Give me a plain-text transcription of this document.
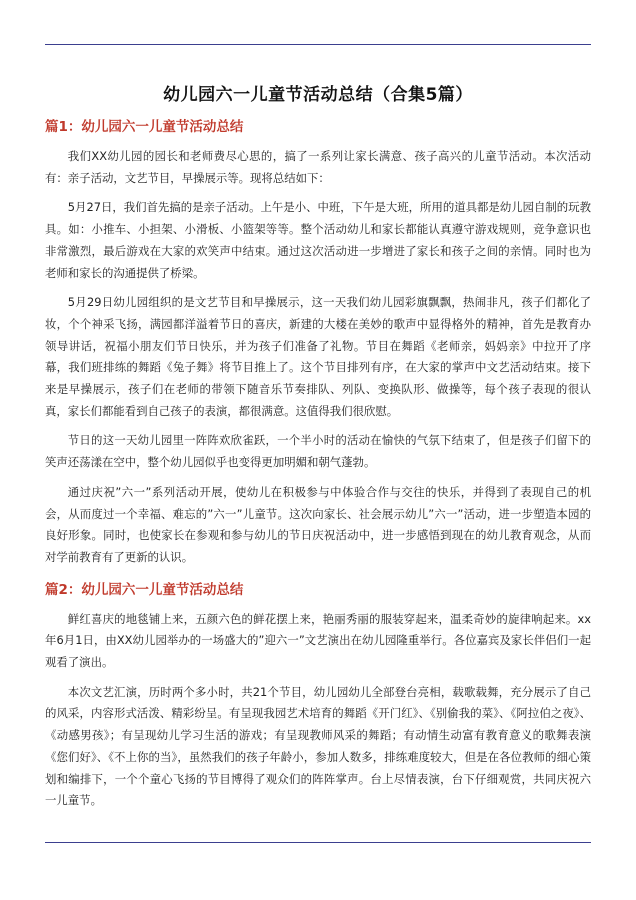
幼儿园六一儿童节活动总结（合集5篇）
篇1：幼儿园六一儿童节活动总结

我们XX幼儿园的园长和老师费尽心思的，搞了一系列让家长满意、孩子高兴的儿童节活动。本次活动有：亲子活动，文艺节目，早操展示等。现将总结如下：

5月27日，我们首先搞的是亲子活动。上午是小、中班，下午是大班，所用的道具都是幼儿园自制的玩教具。如：小推车、小担架、小滑板、小篮架等等。整个活动幼儿和家长都能认真遵守游戏规则，竞争意识也非常激烈，最后游戏在大家的欢笑声中结束。通过这次活动进一步增进了家长和孩子之间的亲情。同时也为老师和家长的沟通提供了桥梁。

5月29日幼儿园组织的是文艺节目和早操展示，这一天我们幼儿园彩旗飘飘，热闹非凡，孩子们都化了妆，个个神采飞扬，满园都洋溢着节日的喜庆，新建的大楼在美妙的歌声中显得格外的精神，首先是教育办领导讲话，祝福小朋友们节日快乐，并为孩子们准备了礼物。节目在舞蹈《老师亲，妈妈亲》中拉开了序幕，我们班排练的舞蹈《兔子舞》将节目推上了。这个节目排列有序，在大家的掌声中文艺活动结束。接下来是早操展示，孩子们在老师的带领下随音乐节奏排队、列队、变换队形、做操等，每个孩子表现的很认真，家长们都能看到自己孩子的表演，都很满意。这值得我们很欣慰。

节日的这一天幼儿园里一阵阵欢欣雀跃，一个半小时的活动在愉快的气氛下结束了，但是孩子们留下的笑声还荡漾在空中，整个幼儿园似乎也变得更加明媚和朝气蓬勃。

通过庆祝”六一”系列活动开展，使幼儿在积极参与中体验合作与交往的快乐，并得到了表现自己的机会，从而度过一个幸福、难忘的”六一”儿童节。这次向家长、社会展示幼儿”六一”活动，进一步塑造本园的良好形象。同时，也使家长在参观和参与幼儿的节日庆祝活动中，进一步感悟到现在的幼儿教育观念，从而对学前教育有了更新的认识。

篇2：幼儿园六一儿童节活动总结

鲜红喜庆的地毯铺上来，五颜六色的鲜花摆上来，艳丽秀丽的服装穿起来，温柔奇妙的旋律响起来。xx年6月1日，由XX幼儿园举办的一场盛大的”迎六一”文艺演出在幼儿园隆重举行。各位嘉宾及家长伴侣们一起观看了演出。

本次文艺汇演，历时两个多小时，共21个节目，幼儿园幼儿全部登台亮相，载歌载舞，充分展示了自己的风采，内容形式活泼、精彩纷呈。有呈现我园艺术培育的舞蹈《开门红》、《别偷我的菜》、《阿拉伯之夜》、《动感男孩》；有呈现幼儿学习生活的游戏；有呈现教师风采的舞蹈；有动情生动富有教育意义的歌舞表演《您们好》、《不上你的当》，虽然我们的孩子年龄小，参加人数多，排练难度较大，但是在各位教师的细心策划和编排下，一个个童心飞扬的节目博得了观众们的阵阵掌声。台上尽情表演，台下仔细观赏，共同庆祝六一儿童节。
